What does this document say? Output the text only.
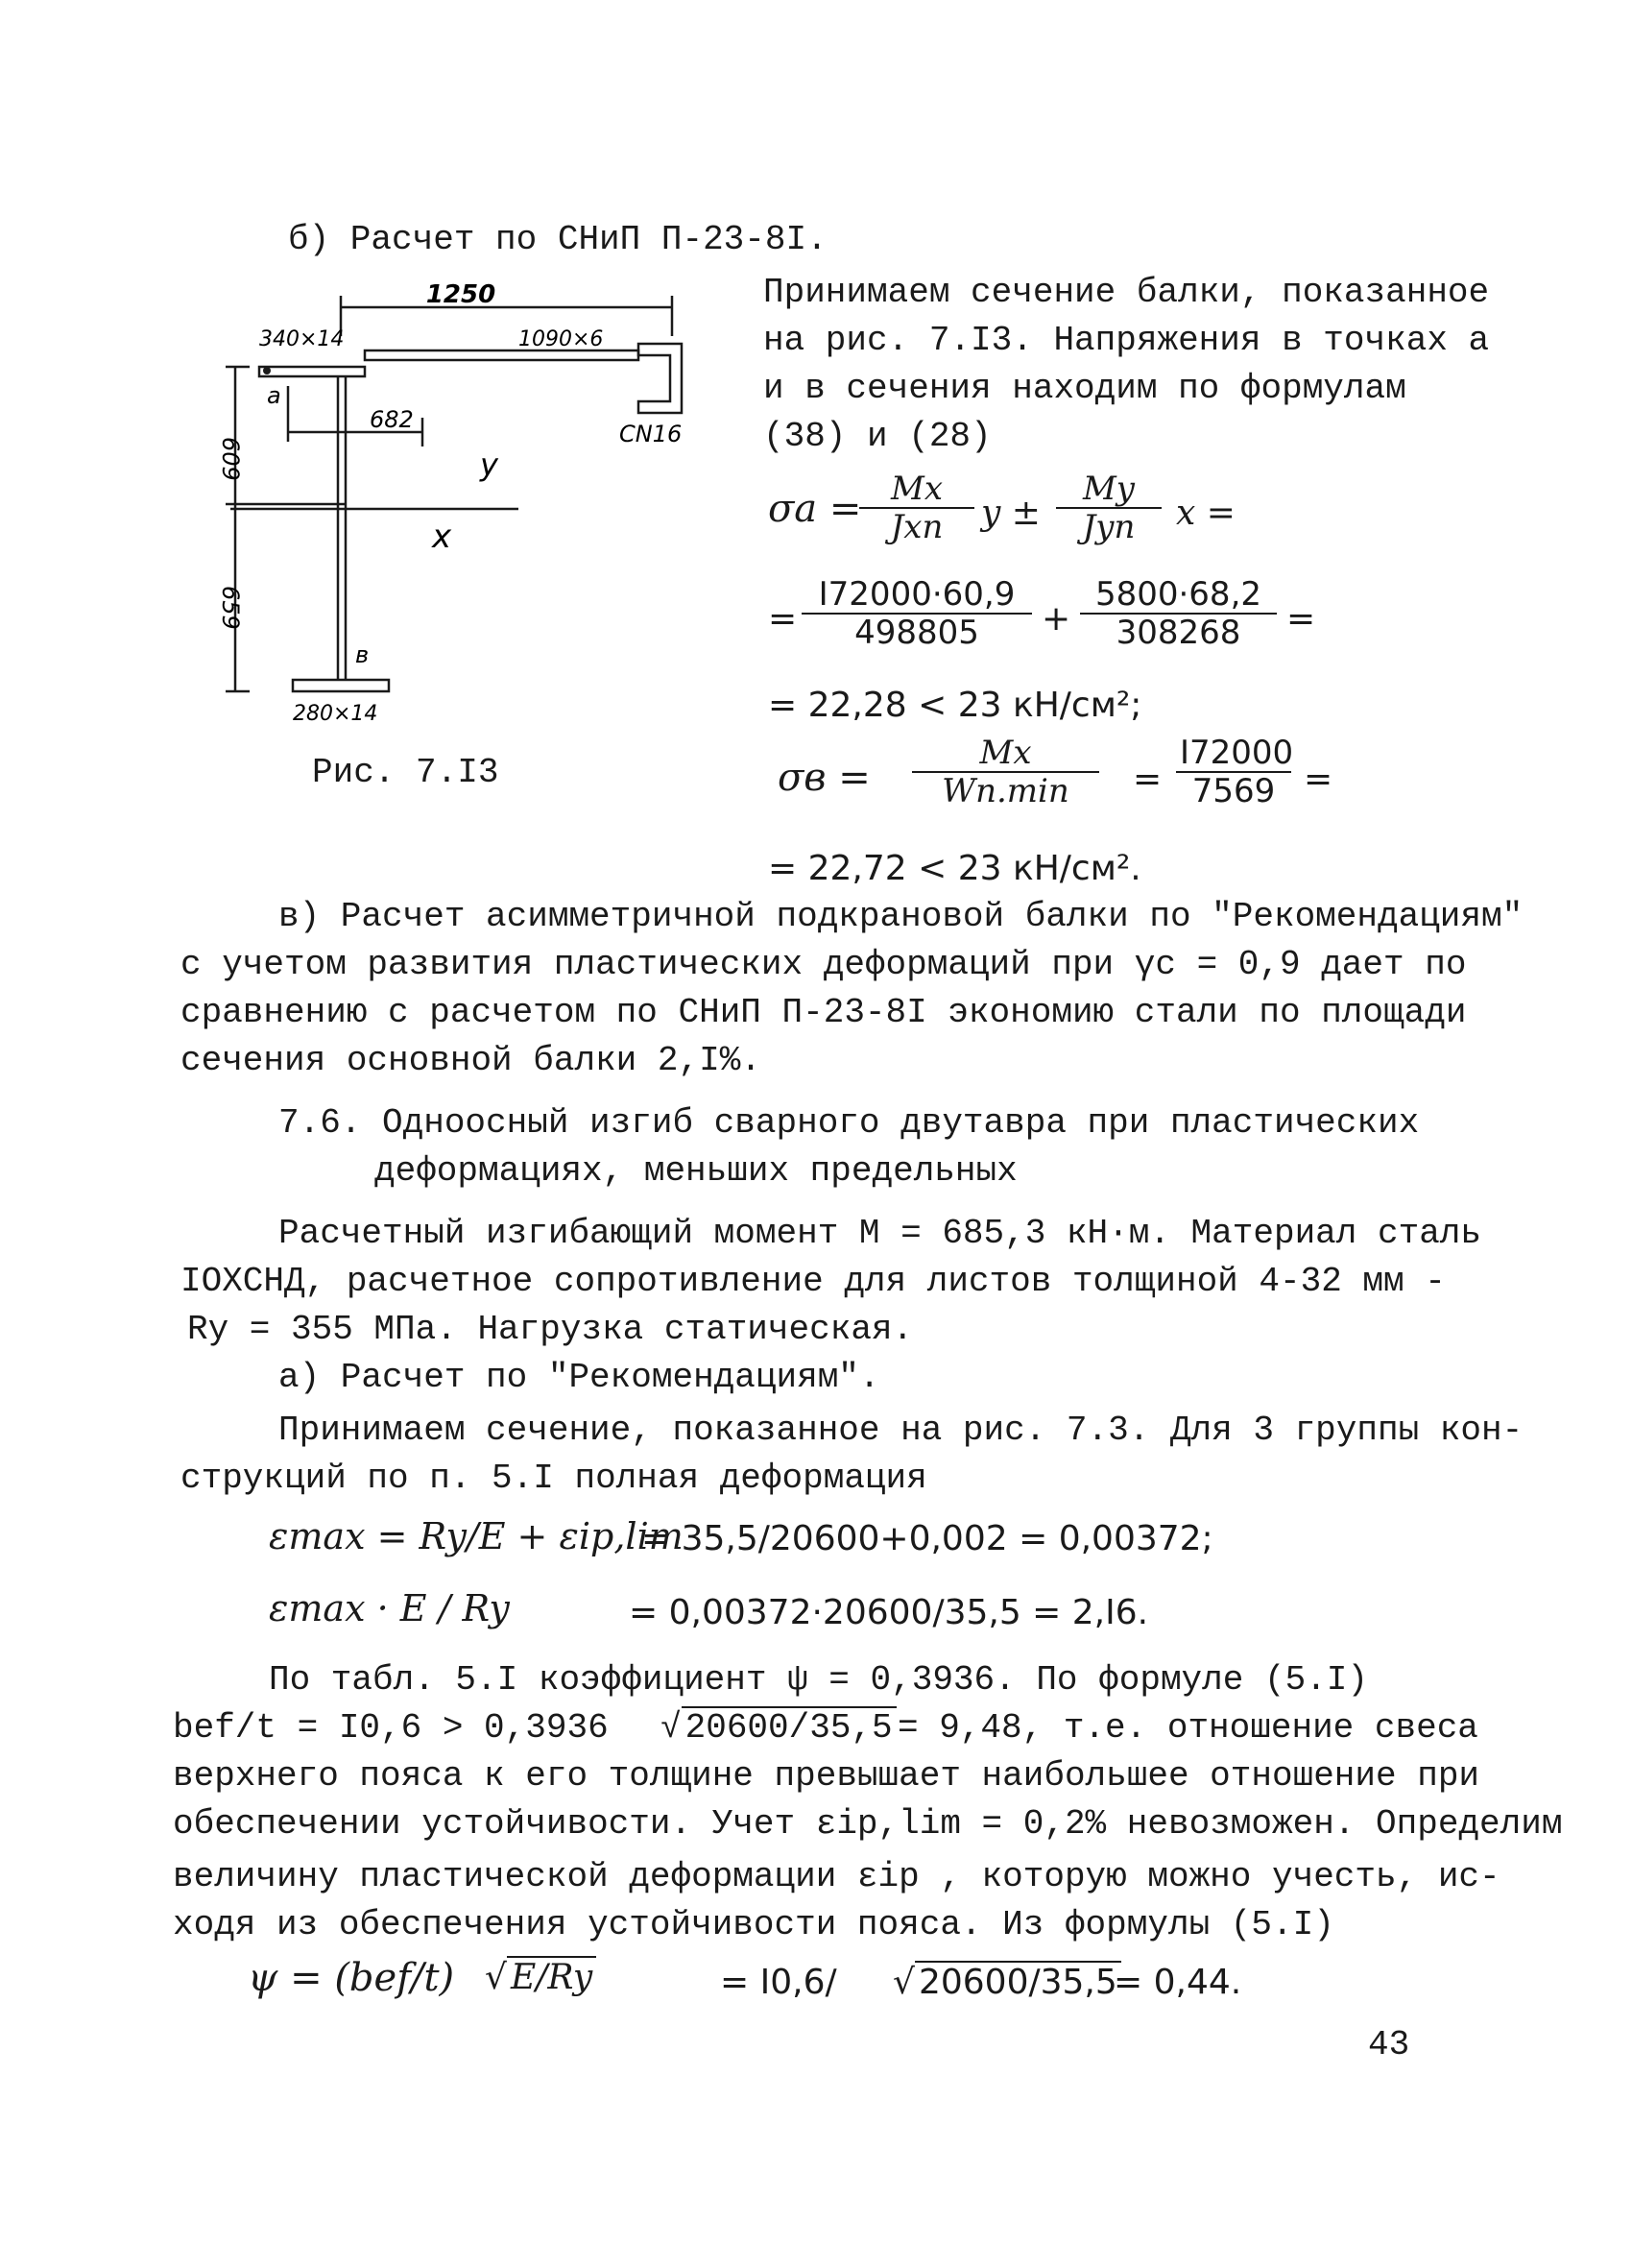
б) Расчет по СНиП П-23-8I.
Принимаем сечение балки, показанное
на рис. 7.I3. Напряжения в точках а
и в сечения находим по формулам
(38) и (28)
σa = Mx
Jxn	y ±
My
Jyn	x =
= $\frac{I72000\cdot 60,9}{498805} + \frac{5800\cdot 68,2}{308268}$ =
= 22,28 < 23 кН/см²;
σв =
Mx
Wn.min	= $\frac{I72000}{7569}$ =
= 22,72 < 23 кН/см².
1250
340×14	1090×6
СN16
682
а
y
x
в
280×14
609
659
Рис. 7.I3
в) Расчет асимметричной подкрановой балки по "Рекомендациям"
с учетом развития пластических деформаций при γc = 0,9 дает по
сравнению с расчетом по СНиП П-23-8I экономию стали по площади
сечения основной балки 2,I%.
7.6. Одноосный изгиб сварного двутавра при пластических
деформациях, меньших предельных
Расчетный изгибающий момент M = 685,3 кН·м. Материал сталь
IОХСНД, расчетное сопротивление для листов толщиной 4-32 мм -
Ry = 355 МПа. Нагрузка статическая.
а) Расчет по "Рекомендациям".
Принимаем сечение, показанное на рис. 7.3. Для 3 группы кон-
струкций по п. 5.I полная деформация
εmax = Ry/E + εip,lim
= 35,5/20600+0,002 = 0,00372;
εmax · E / Ry	= 0,00372·20600/35,5 = 2,I6.
По табл. 5.I коэффициент ψ = 0,3936. По формуле (5.I)
bef/t = I0,6 > 0,3936 √ 20600/35,5 = 9,48, т.е. отношение свеса
верхнего пояса к его толщине превышает наибольшее отношение при
обеспечении устойчивости. Учет εip,lim = 0,2% невозможен. Определим
величину пластической деформации εip , которую можно учесть, ис-
ходя из обеспечения устойчивости пояса. Из формулы (5.I)
ψ = (bef/t) √ E/Ry	= I0,6/ √ 20600/35,5
= 0,44.
43
